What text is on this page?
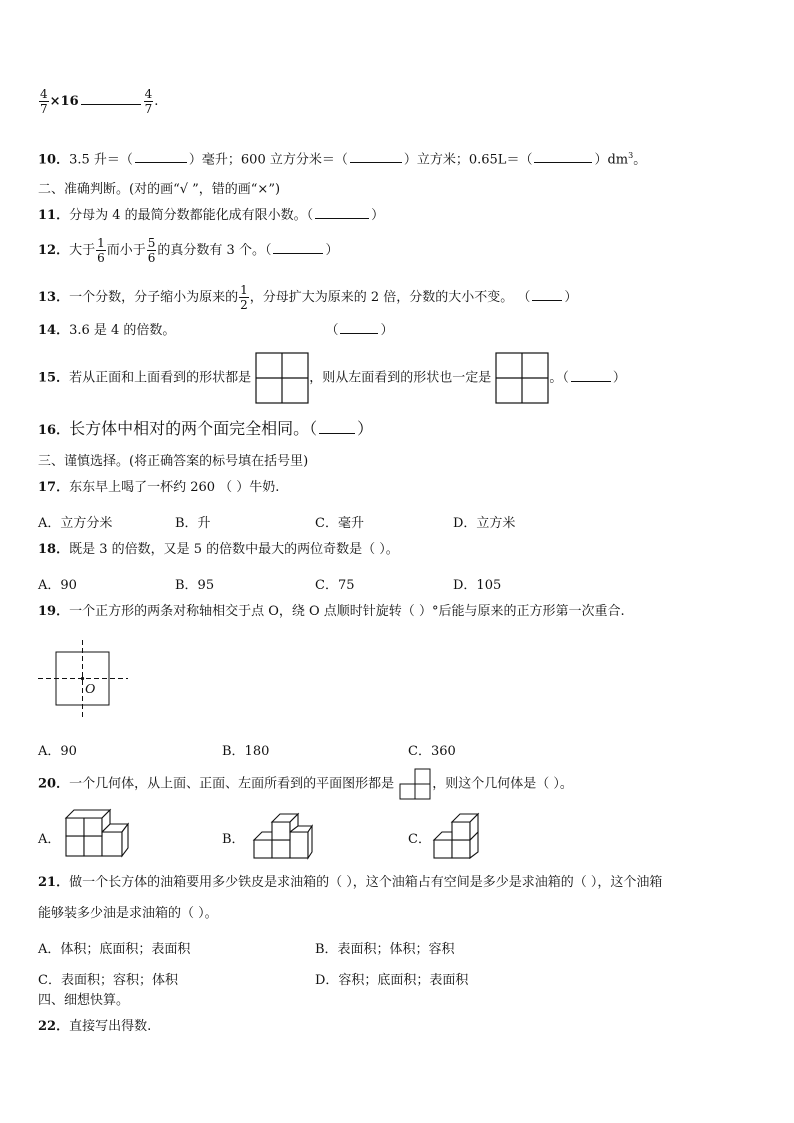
$\frac{4}{7} \times 16$	$\frac{4}{7}$ .
10．3.5 升＝（	）毫升；600 立方分米＝（	）立方米；0.65L＝（	）$dm^3$。
二、准确判断。(对的画“√ ”，错的画“×”)
11．分母为 4 的最简分数都能化成有限小数。（	）
12．大于 $\frac{1}{6}$ 而小于 $\frac{5}{6}$ 的真分数有 3 个。（	）
13．一个分数，分子缩小为原来的 $\frac{1}{2}$ ，分母扩大为原来的 2 倍，分数的大小不变。 （	）
14．3.6 是 4 的倍数。	（	）
15．若从正面和上面看到的形状都是	，则从左面看到的形状也一定是	。（	）
16．长方体中相对的两个面完全相同。（	）
三、谨慎选择。(将正确答案的标号填在括号里)
17．东东早上喝了一杯约 260 （ ）牛奶.
A．立方分米	B．升	C．毫升	D．立方米
18．既是 3 的倍数，又是 5 的倍数中最大的两位奇数是（ ）。
A．90	B．95	C．75	D．105
19．一个正方形的两条对称轴相交于点 O，绕 O 点顺时针旋转（ ）°后能与原来的正方形第一次重合.
O
A．90	B．180	C．360
20．一个几何体，从上面、正面、左面所看到的平面图形都是	，则这个几何体是（ ）。
A．	B．	C．
21．做一个长方体的油箱要用多少铁皮是求油箱的（ ），这个油箱占有空间是多少是求油箱的（ ），这个油箱
能够装多少油是求油箱的（ ）。
A．体积；底面积；表面积	B．表面积；体积；容积
C．表面积；容积；体积	D．容积；底面积；表面积
四、细想快算。
22．直接写出得数.
